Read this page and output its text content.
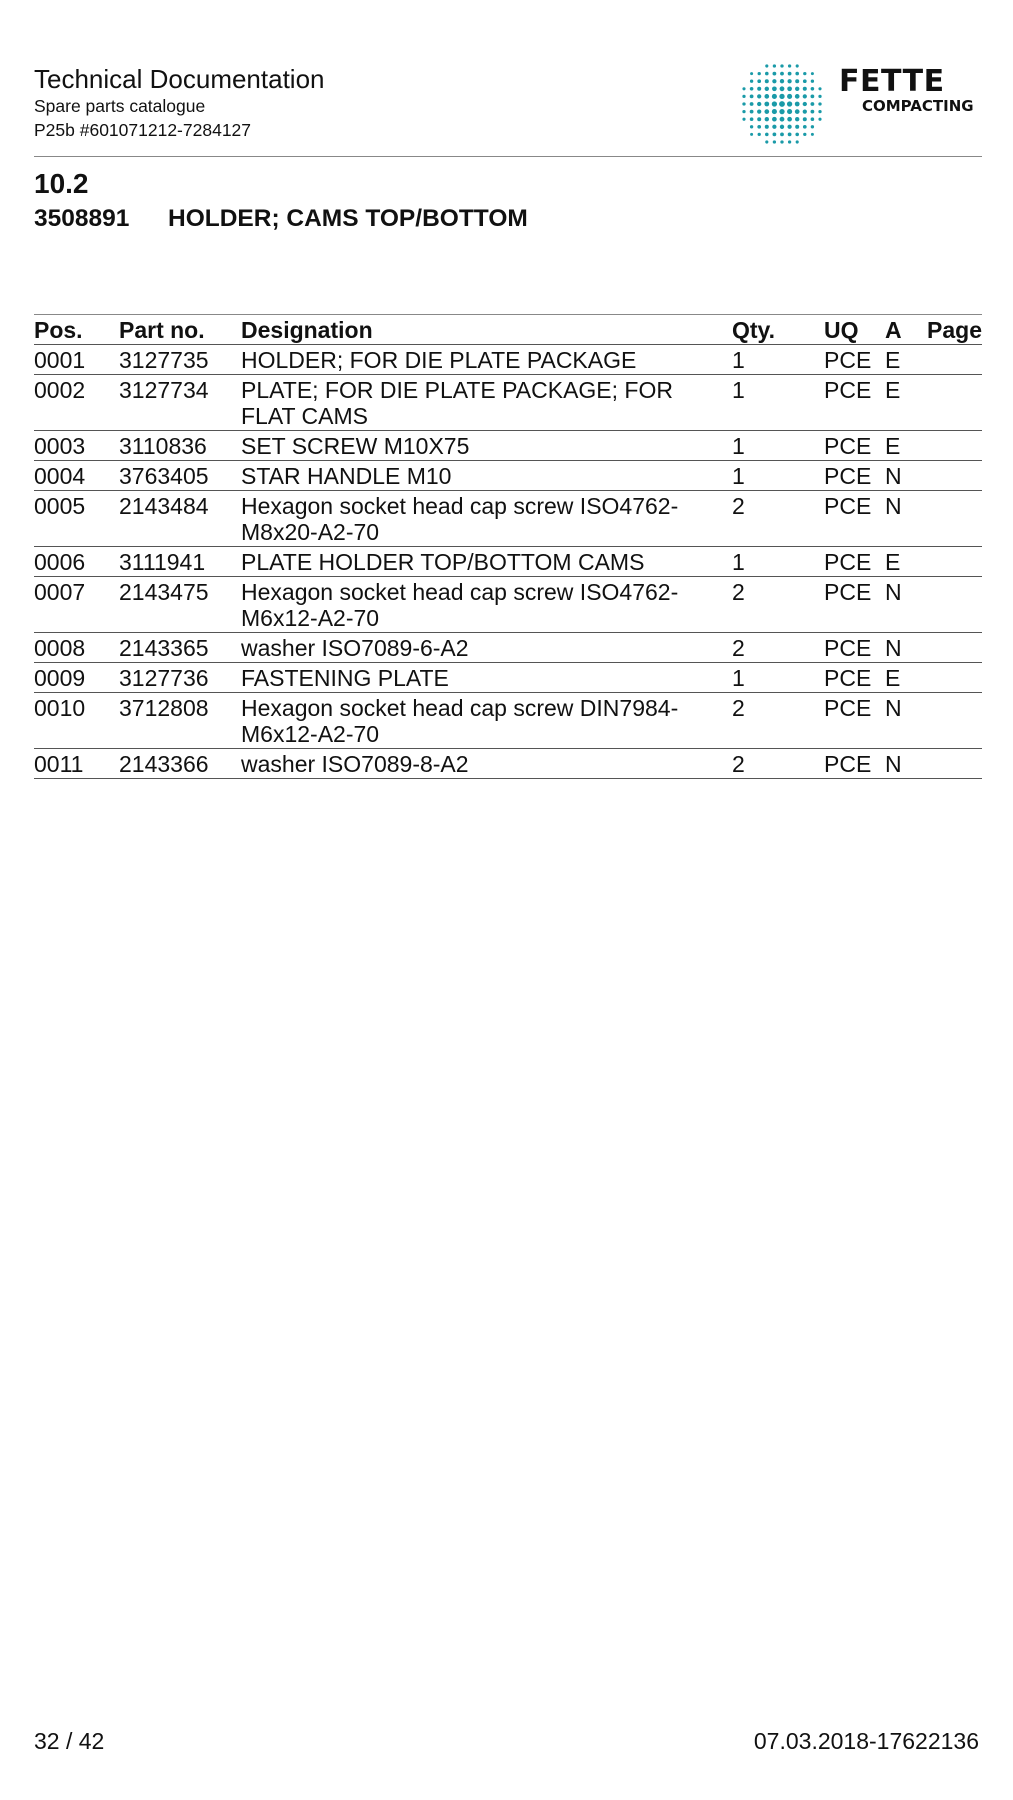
Technical Documentation
Spare parts catalogue
P25b #601071212-7284127
FETTE
COMPACTING
10.2
3508891 HOLDER; CAMS TOP/BOTTOM
Pos.	Part no.	Designation	Qty.	UQ	A	Page
0001	3127735	HOLDER; FOR DIE PLATE PACKAGE	1	PCE	E	
0002	3127734	PLATE; FOR DIE PLATE PACKAGE; FOR FLAT CAMS	1	PCE	E	
0003	3110836	SET SCREW M10X75	1	PCE	E	
0004	3763405	STAR HANDLE M10	1	PCE	N	
0005	2143484	Hexagon socket head cap screw ISO4762-M8x20-A2-70	2	PCE	N	
0006	3111941	PLATE HOLDER TOP/BOTTOM CAMS	1	PCE	E	
0007	2143475	Hexagon socket head cap screw ISO4762-M6x12-A2-70	2	PCE	N	
0008	2143365	washer ISO7089-6-A2	2	PCE	N	
0009	3127736	FASTENING PLATE	1	PCE	E	
0010	3712808	Hexagon socket head cap screw DIN7984-M6x12-A2-70	2	PCE	N	
0011	2143366	washer ISO7089-8-A2	2	PCE	N	
32 / 42	07.03.2018-17622136
